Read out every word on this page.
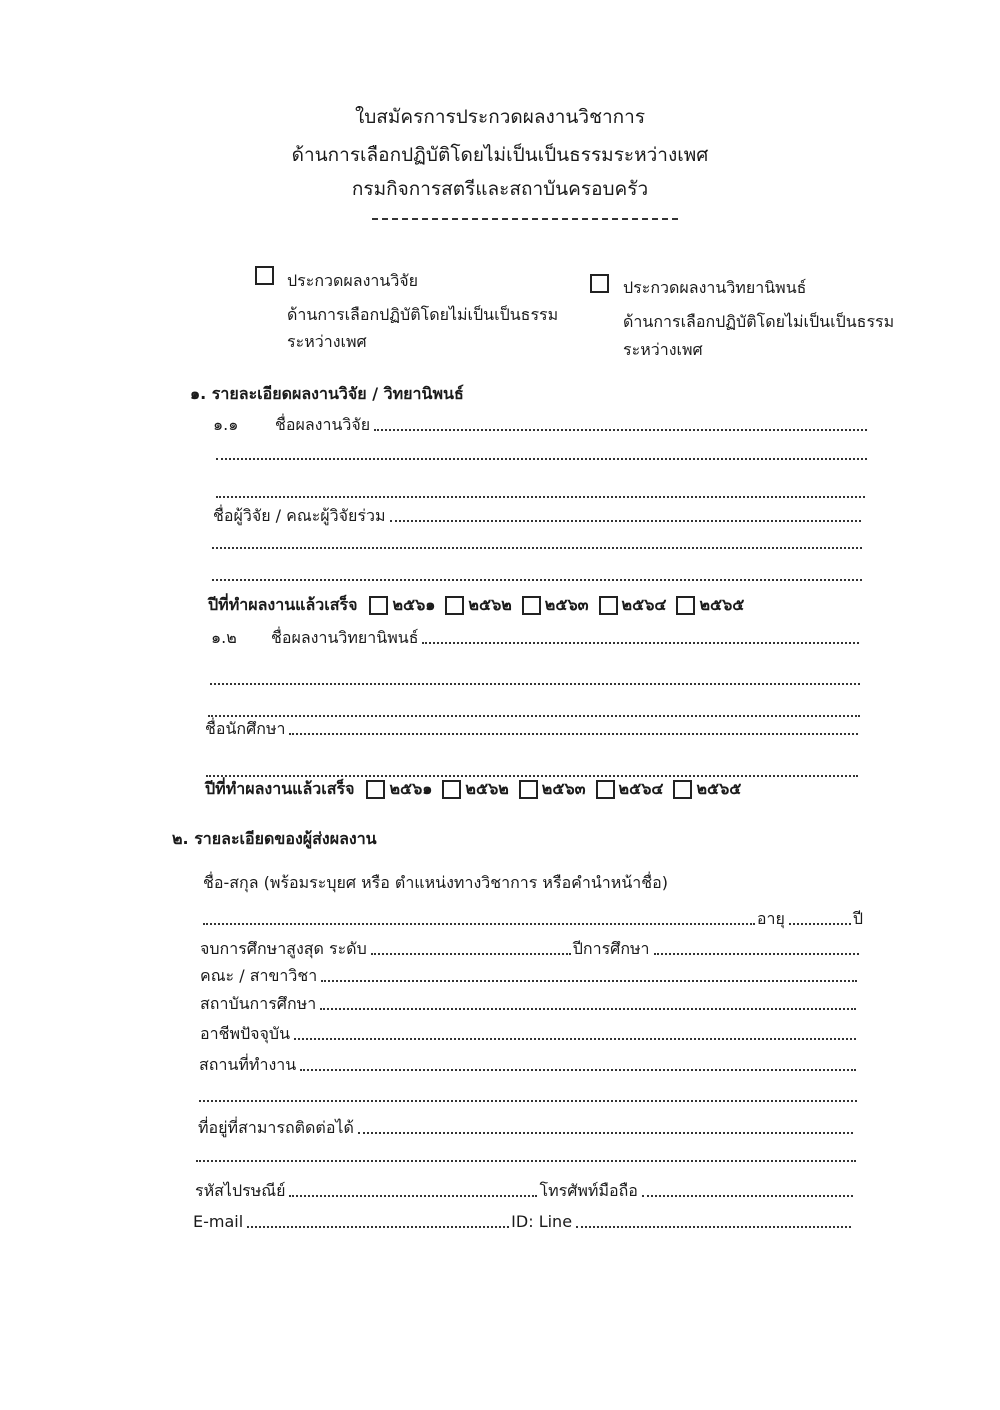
ใบสมัครการประกวดผลงานวิชาการ
ด้านการเลือกปฏิบัติโดยไม่เป็นเป็นธรรมระหว่างเพศ
กรมกิจการสตรีและสถาบันครอบครัว
ประกวดผลงานวิจัย
ด้านการเลือกปฏิบัติโดยไม่เป็นเป็นธรรม
ระหว่างเพศ
ประกวดผลงานวิทยานิพนธ์
ด้านการเลือกปฏิบัติโดยไม่เป็นเป็นธรรม
ระหว่างเพศ
๑. รายละเอียดผลงานวิจัย / วิทยานิพนธ์
๑.๑	ชื่อผลงานวิจัย
ชื่อผู้วิจัย / คณะผู้วิจัยร่วม
ปีที่ทำผลงานแล้วเสร็จ ๒๕๖๑ ๒๕๖๒ ๒๕๖๓ ๒๕๖๔ ๒๕๖๕
๑.๒	ชื่อผลงานวิทยานิพนธ์
ชื่อนักศึกษา
ปีที่ทำผลงานแล้วเสร็จ ๒๕๖๑ ๒๕๖๒ ๒๕๖๓ ๒๕๖๔ ๒๕๖๕
๒. รายละเอียดของผู้ส่งผลงาน
ชื่อ-สกุล (พร้อมระบุยศ หรือ ตำแหน่งทางวิชาการ หรือคำนำหน้าชื่อ)
อายุ	ปี
จบการศึกษาสูงสุด ระดับ	ปีการศึกษา
คณะ / สาขาวิชา
สถาบันการศึกษา
อาชีพปัจจุบัน
สถานที่ทำงาน
ที่อยู่ที่สามารถติดต่อได้
รหัสไปรษณีย์	โทรศัพท์มือถือ
E-mail	ID: Line
